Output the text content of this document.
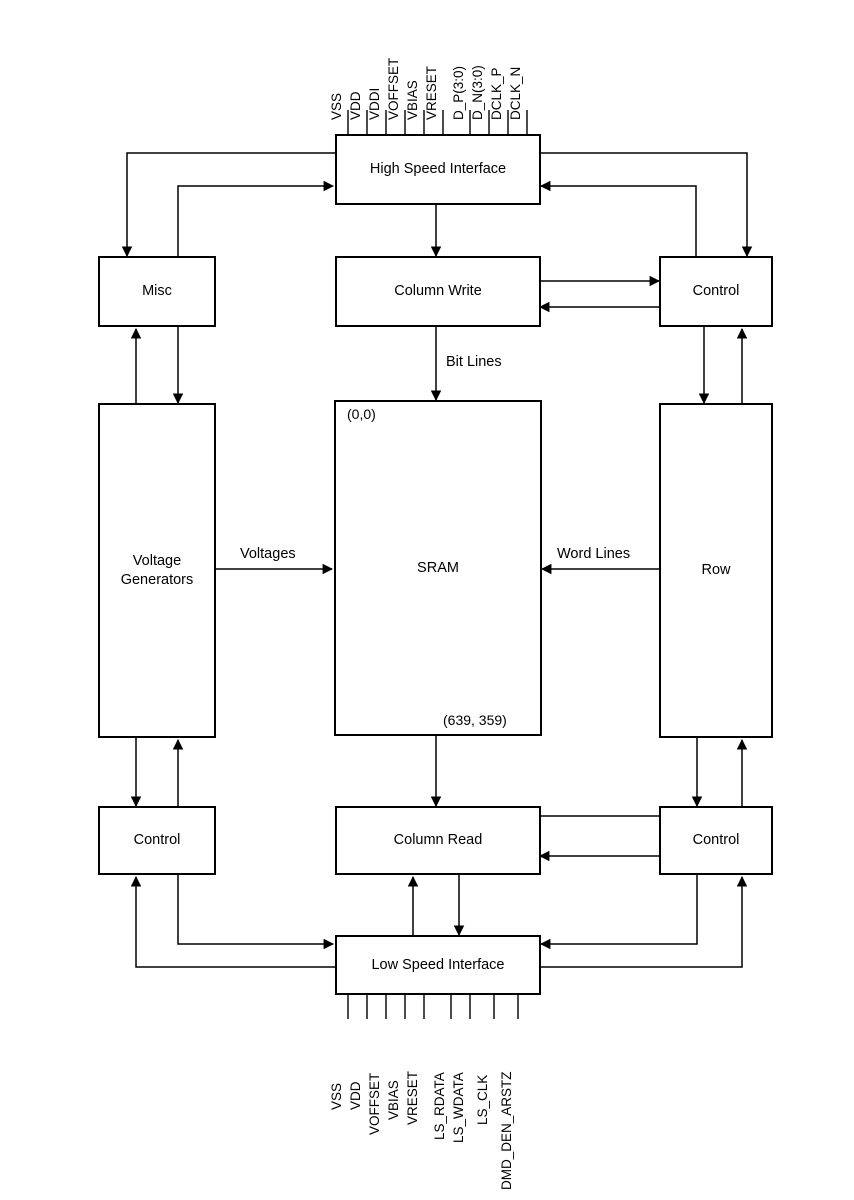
High Speed Interface
Misc	Column Write	Control
Voltage
Generators
SRAM	Row
Control	Column Read	Control
Low Speed Interface
Bit Lines
Voltages	Word Lines
(0,0)
(639, 359)
VSS VDD VDDI VOFFSET VBIAS VRESET D_P(3:0) D_N(3:0) DCLK_P DCLK_N
VSS VDD VOFFSET VBIAS VRESET LS_RDATA LS_WDATA LS_CLK DMD_DEN_ARSTZ
